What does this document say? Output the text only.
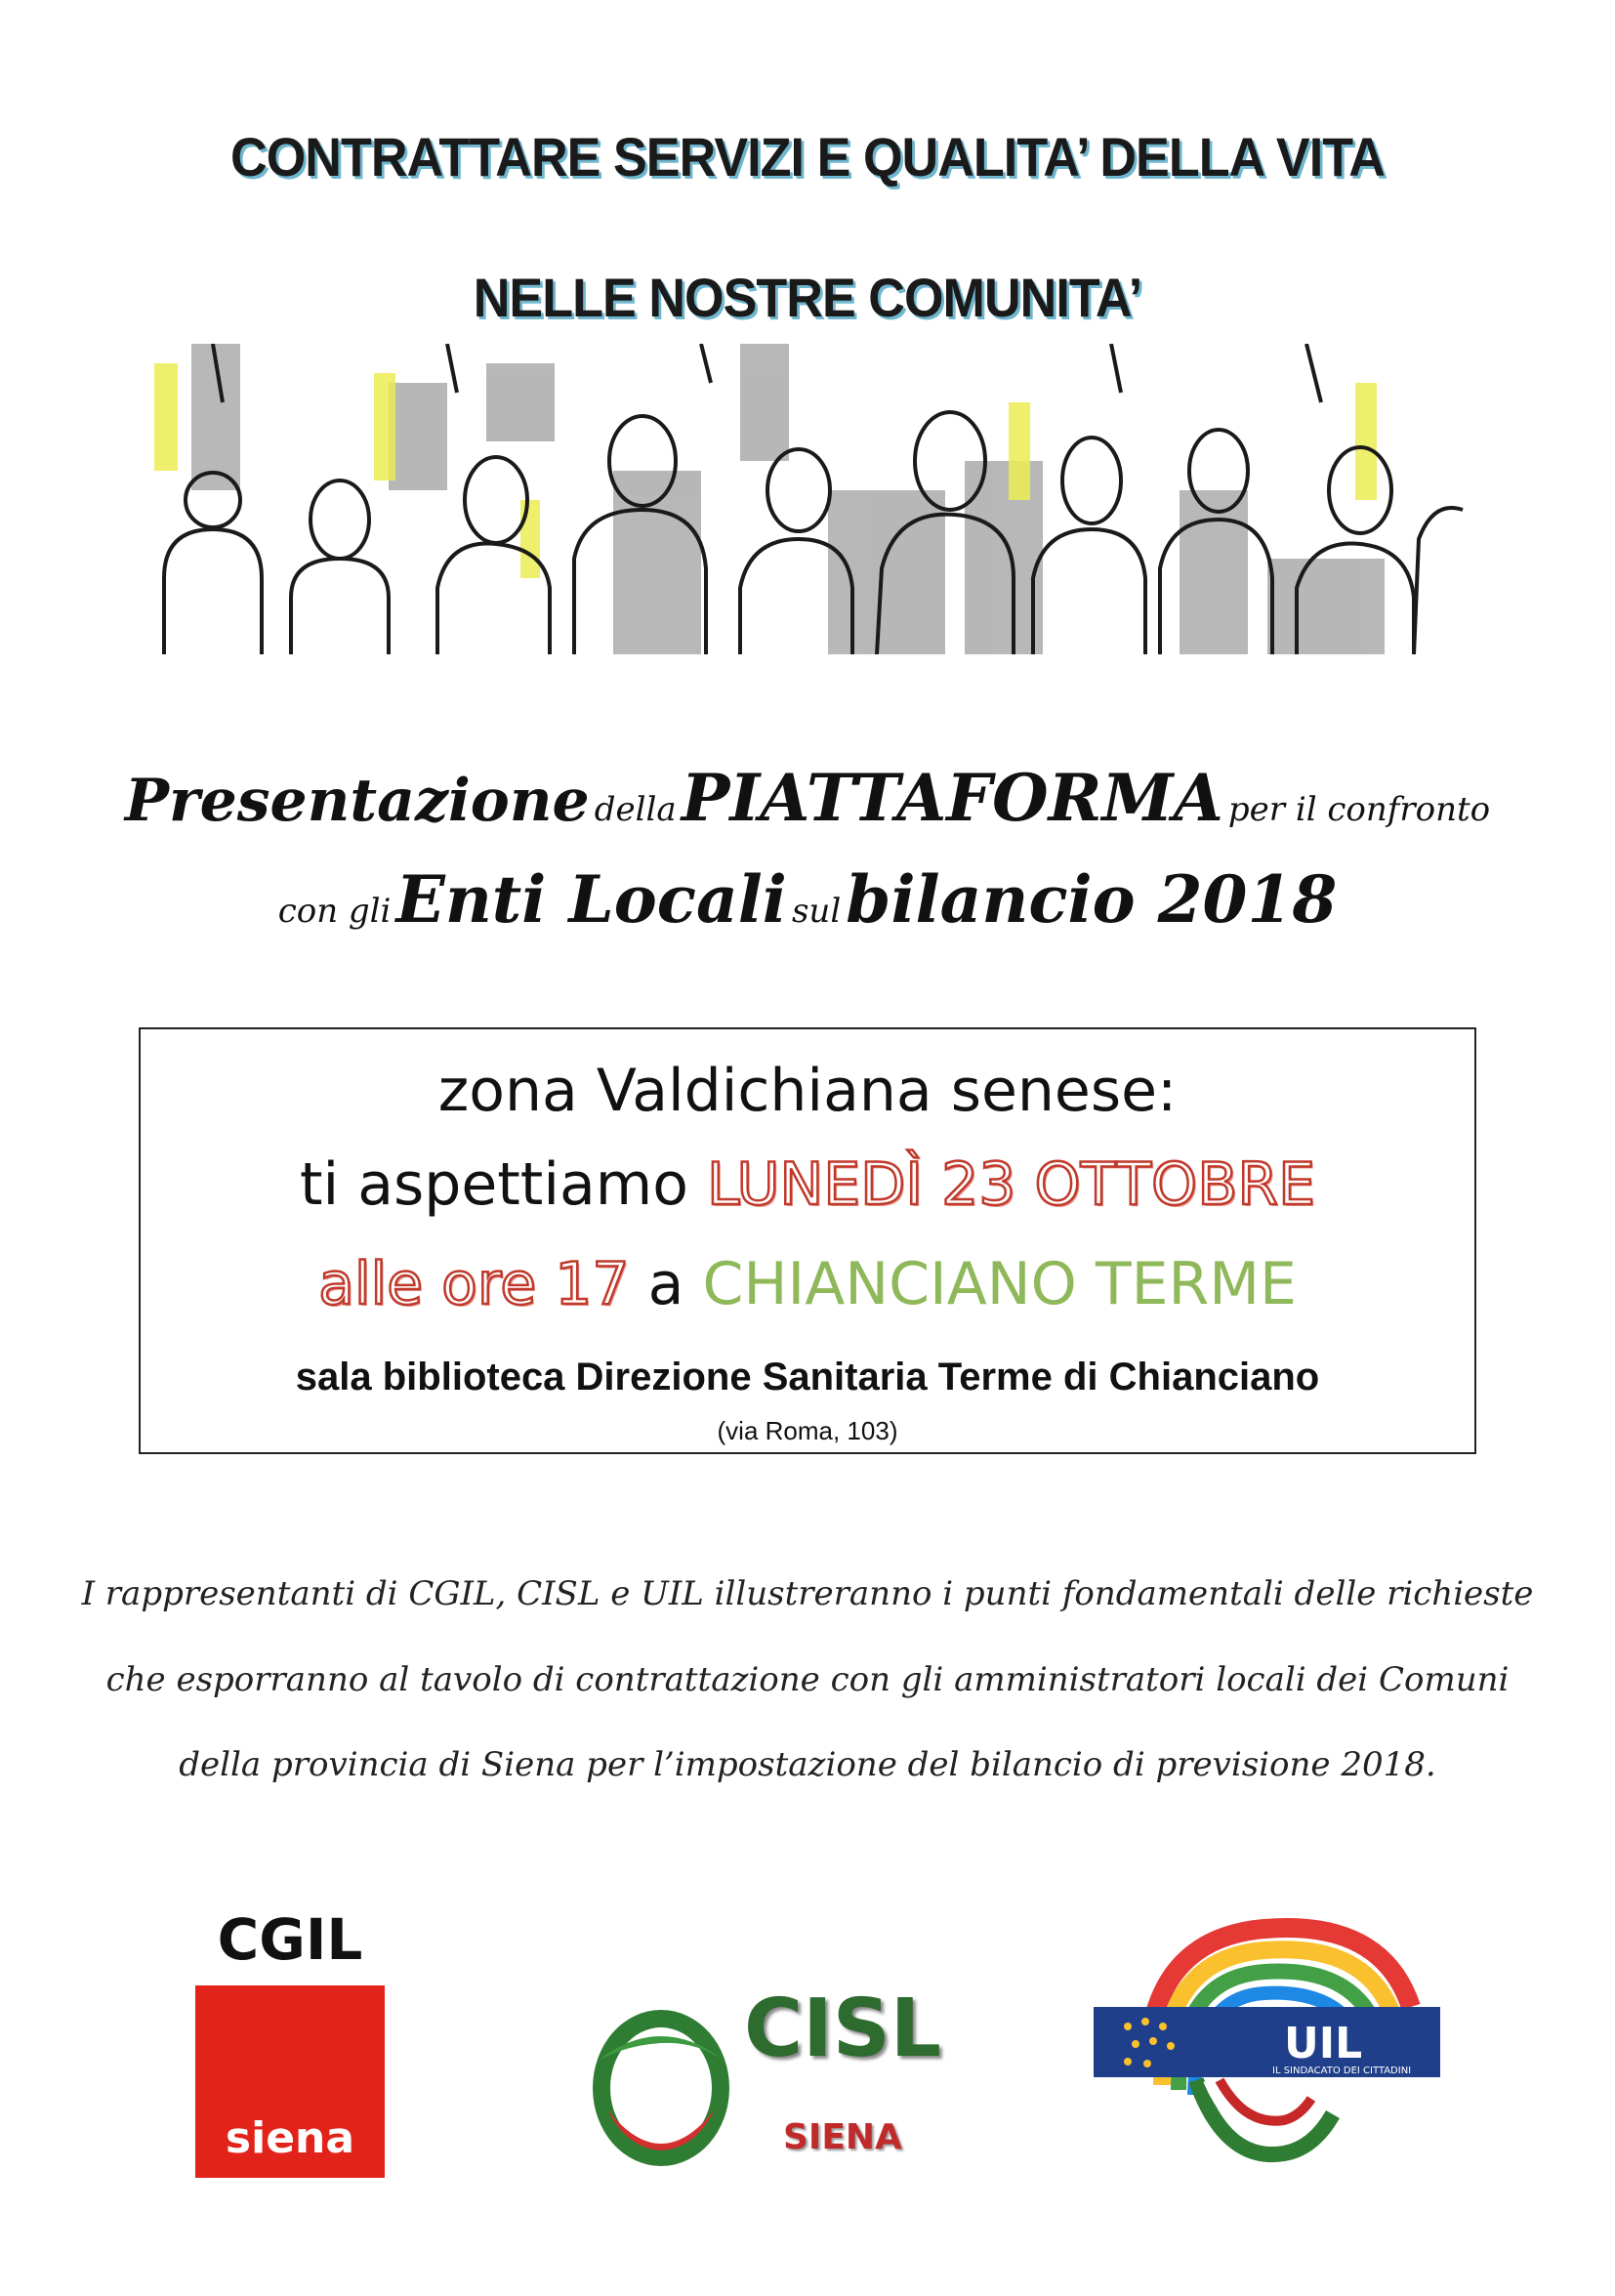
CONTRATTARE SERVIZI E QUALITA’ DELLA VITA
NELLE NOSTRE COMUNITA’
Presentazione della PIATTAFORMA per il confronto
con gli Enti Locali sul bilancio 2018
zona Valdichiana senese:
ti aspettiamo LUNEDÌ 23 OTTOBRE
alle ore 17 a CHIANCIANO TERME
sala biblioteca Direzione Sanitaria Terme di Chianciano
(via Roma, 103)
I rappresentanti di CGIL, CISL e UIL illustreranno i punti fondamentali delle richieste
che esporranno al tavolo di contrattazione con gli amministratori locali dei Comuni
della provincia di Siena per l’impostazione del bilancio di previsione 2018.
CGIL
siena
CISL
SIENA
UIL
IL SINDACATO DEI CITTADINI
